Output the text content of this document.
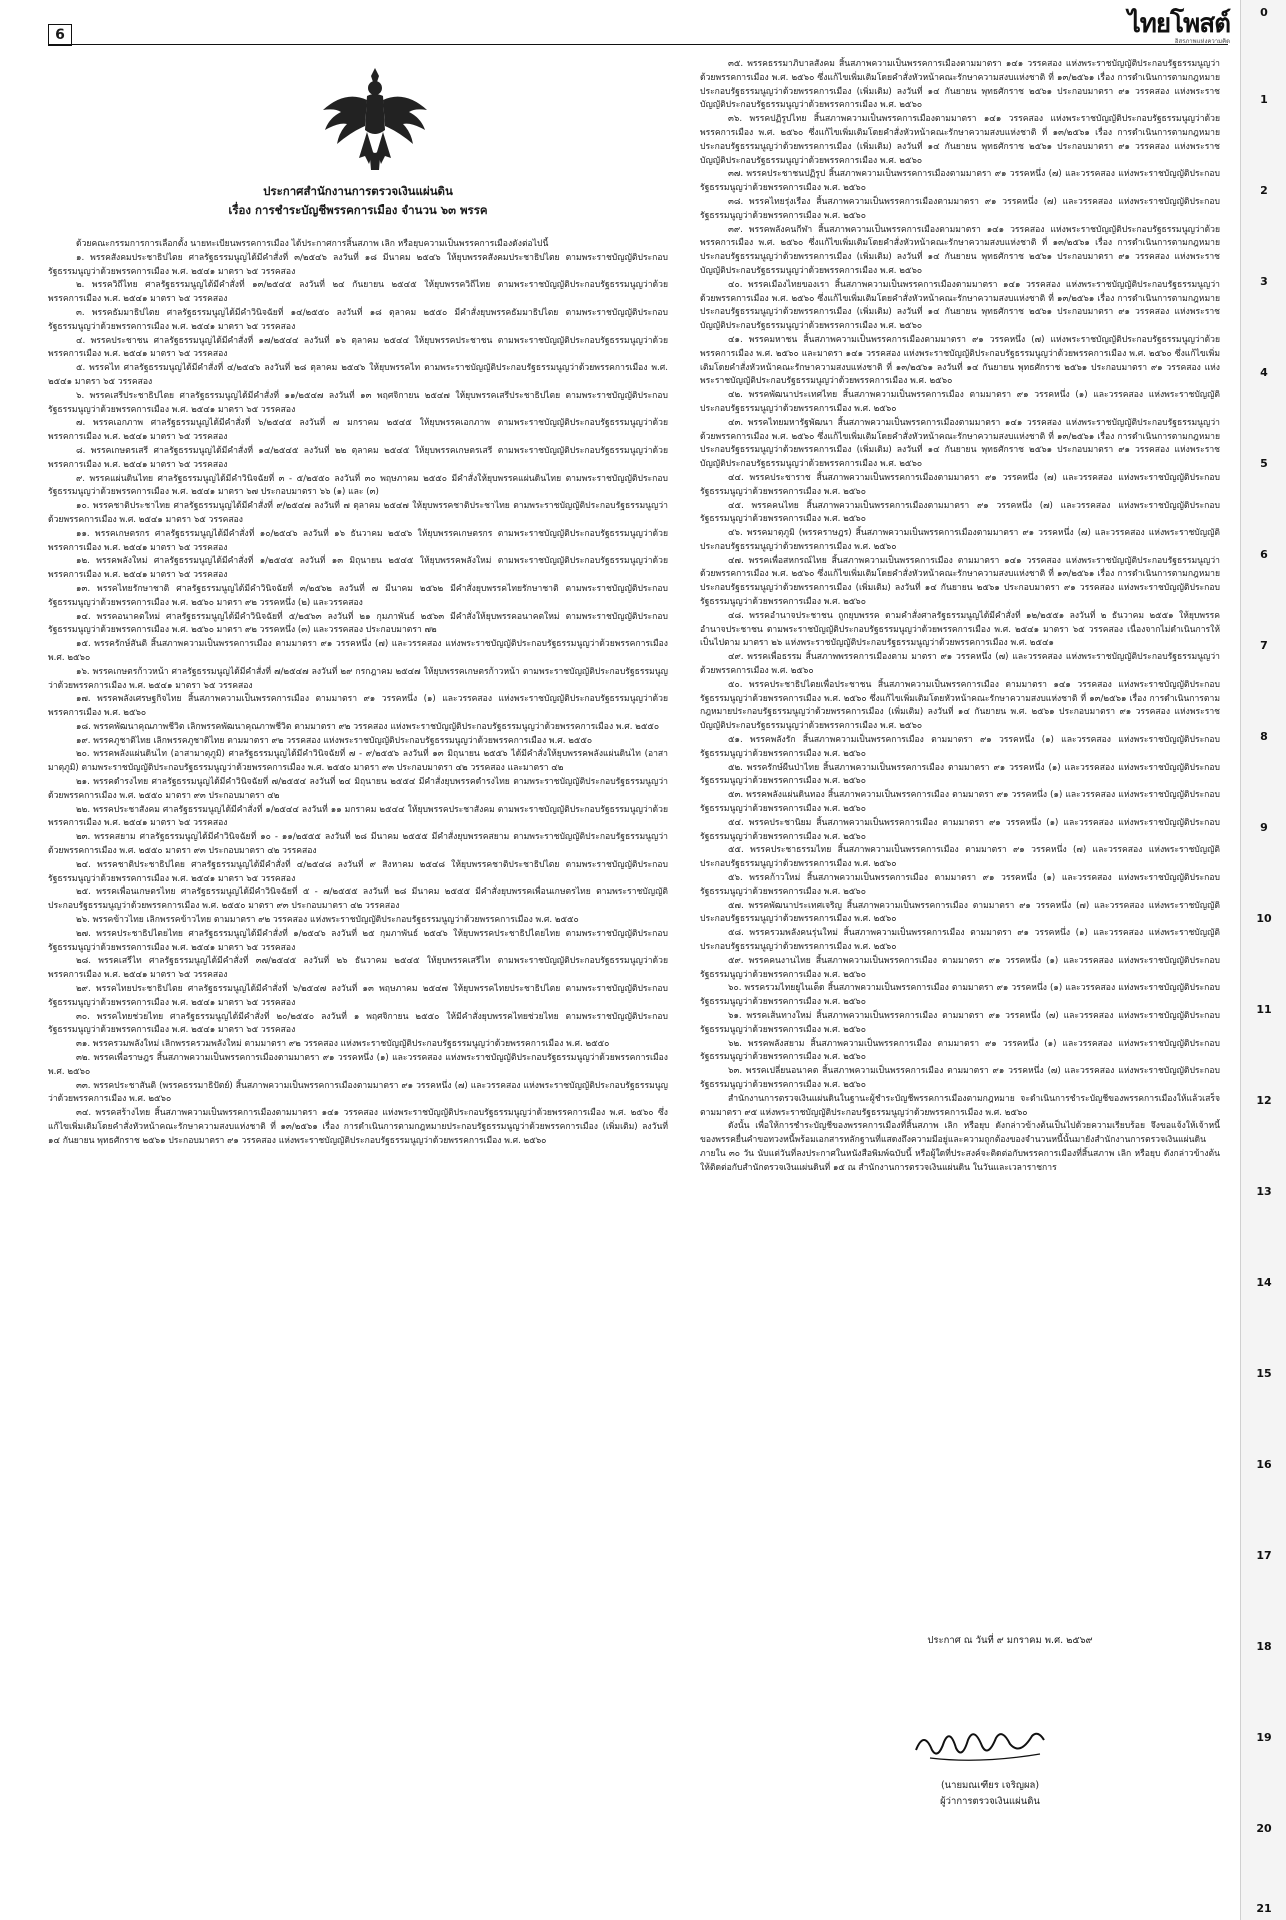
6	ไทยโพสต์
อิสรภาพแห่งความคิด
ประกาศสำนักงานการตรวจเงินแผ่นดิน
เรื่อง การชำระบัญชีพรรคการเมือง จำนวน ๖๓ พรรค

ด้วยคณะกรรมการการเลือกตั้ง นายทะเบียนพรรคการเมือง ได้ประกาศการสิ้นสภาพ เลิก หรือยุบความเป็นพรรคการเมืองดังต่อไปนี้

๑. พรรคสังคมประชาธิปไตย ศาลรัฐธรรมนูญได้มีคำสั่งที่ ๓/๒๕๔๖ ลงวันที่ ๑๘ มีนาคม ๒๕๔๖ ให้ยุบพรรคสังคมประชาธิปไตย ตามพระราชบัญญัติประกอบรัฐธรรมนูญว่าด้วยพรรคการเมือง พ.ศ. ๒๕๔๑ มาตรา ๖๕ วรรคสอง

๒. พรรควิถีไทย ศาลรัฐธรรมนูญได้มีคำสั่งที่ ๑๓/๒๕๔๕ ลงวันที่ ๒๔ กันยายน ๒๕๔๕ ให้ยุบพรรควิถีไทย ตามพระราชบัญญัติประกอบรัฐธรรมนูญว่าด้วยพรรคการเมือง พ.ศ. ๒๕๔๑ มาตรา ๖๕ วรรคสอง

๓. พรรคธัมมาธิปไตย ศาลรัฐธรรมนูญได้มีคำวินิจฉัยที่ ๑๔/๒๕๕๐ ลงวันที่ ๑๘ ตุลาคม ๒๕๕๐ มีคำสั่งยุบพรรคธัมมาธิปไตย ตามพระราชบัญญัติประกอบรัฐธรรมนูญว่าด้วยพรรคการเมือง พ.ศ. ๒๕๔๑ มาตรา ๖๕ วรรคสอง

๔. พรรคประชาชน ศาลรัฐธรรมนูญได้มีคำสั่งที่ ๑๗/๒๕๔๔ ลงวันที่ ๑๖ ตุลาคม ๒๕๔๔ ให้ยุบพรรคประชาชน ตามพระราชบัญญัติประกอบรัฐธรรมนูญว่าด้วยพรรคการเมือง พ.ศ. ๒๕๔๑ มาตรา ๖๕ วรรคสอง

๕. พรรคไท ศาลรัฐธรรมนูญได้มีคำสั่งที่ ๔/๒๕๔๖ ลงวันที่ ๒๘ ตุลาคม ๒๕๔๖ ให้ยุบพรรคไท ตามพระราชบัญญัติประกอบรัฐธรรมนูญว่าด้วยพรรคการเมือง พ.ศ. ๒๕๔๑ มาตรา ๖๕ วรรคสอง

๖. พรรคเสรีประชาธิปไตย ศาลรัฐธรรมนูญได้มีคำสั่งที่ ๑๑/๒๕๔๗ ลงวันที่ ๑๓ พฤศจิกายน ๒๕๔๗ ให้ยุบพรรคเสรีประชาธิปไตย ตามพระราชบัญญัติประกอบรัฐธรรมนูญว่าด้วยพรรคการเมือง พ.ศ. ๒๕๔๑ มาตรา ๖๕ วรรคสอง

๗. พรรคเอกภาพ ศาลรัฐธรรมนูญได้มีคำสั่งที่ ๖/๒๕๔๕ ลงวันที่ ๗ มกราคม ๒๕๔๕ ให้ยุบพรรคเอกภาพ ตามพระราชบัญญัติประกอบรัฐธรรมนูญว่าด้วยพรรคการเมือง พ.ศ. ๒๕๔๑ มาตรา ๖๕ วรรคสอง

๘. พรรคเกษตรเสรี ศาลรัฐธรรมนูญได้มีคำสั่งที่ ๑๔/๒๕๔๕ ลงวันที่ ๒๒ ตุลาคม ๒๕๔๕ ให้ยุบพรรคเกษตรเสรี ตามพระราชบัญญัติประกอบรัฐธรรมนูญว่าด้วยพรรคการเมือง พ.ศ. ๒๕๔๑ มาตรา ๖๕ วรรคสอง

๙. พรรคแผ่นดินไทย ศาลรัฐธรรมนูญได้มีคำวินิจฉัยที่ ๓ - ๕/๒๕๕๐ ลงวันที่ ๓๐ พฤษภาคม ๒๕๕๐ มีคำสั่งให้ยุบพรรคแผ่นดินไทย ตามพระราชบัญญัติประกอบรัฐธรรมนูญว่าด้วยพรรคการเมือง พ.ศ. ๒๕๔๑ มาตรา ๖๗ ประกอบมาตรา ๖๖ (๑) และ (๓)

๑๐. พรรคชาติประชาไทย ศาลรัฐธรรมนูญได้มีคำสั่งที่ ๙/๒๕๔๗ ลงวันที่ ๗ ตุลาคม ๒๕๔๗ ให้ยุบพรรคชาติประชาไทย ตามพระราชบัญญัติประกอบรัฐธรรมนูญว่าด้วยพรรคการเมือง พ.ศ. ๒๕๔๑ มาตรา ๖๕ วรรคสอง

๑๑. พรรคเกษตรกร ศาลรัฐธรรมนูญได้มีคำสั่งที่ ๑๐/๒๕๔๖ ลงวันที่ ๑๖ ธันวาคม ๒๕๔๖ ให้ยุบพรรคเกษตรกร ตามพระราชบัญญัติประกอบรัฐธรรมนูญว่าด้วยพรรคการเมือง พ.ศ. ๒๕๔๑ มาตรา ๖๕ วรรคสอง

๑๒. พรรคพลังใหม่ ศาลรัฐธรรมนูญได้มีคำสั่งที่ ๑/๒๕๔๕ ลงวันที่ ๑๓ มิถุนายน ๒๕๔๕ ให้ยุบพรรคพลังใหม่ ตามพระราชบัญญัติประกอบรัฐธรรมนูญว่าด้วยพรรคการเมือง พ.ศ. ๒๕๔๑ มาตรา ๖๕ วรรคสอง

๑๓. พรรคไทยรักษาชาติ ศาลรัฐธรรมนูญได้มีคำวินิจฉัยที่ ๓/๒๕๖๒ ลงวันที่ ๗ มีนาคม ๒๕๖๒ มีคำสั่งยุบพรรคไทยรักษาชาติ ตามพระราชบัญญัติประกอบรัฐธรรมนูญว่าด้วยพรรคการเมือง พ.ศ. ๒๕๖๐ มาตรา ๙๒ วรรคหนึ่ง (๒) และวรรคสอง

๑๔. พรรคอนาคตใหม่ ศาลรัฐธรรมนูญได้มีคำวินิจฉัยที่ ๕/๒๕๖๓ ลงวันที่ ๒๑ กุมภาพันธ์ ๒๕๖๓ มีคำสั่งให้ยุบพรรคอนาคตใหม่ ตามพระราชบัญญัติประกอบรัฐธรรมนูญว่าด้วยพรรคการเมือง พ.ศ. ๒๕๖๐ มาตรา ๙๒ วรรคหนึ่ง (๓) และวรรคสอง ประกอบมาตรา ๗๒

๑๕. พรรครักษ์สันติ สิ้นสภาพความเป็นพรรคการเมือง ตามมาตรา ๙๑ วรรคหนึ่ง (๗) และวรรคสอง แห่งพระราชบัญญัติประกอบรัฐธรรมนูญว่าด้วยพรรคการเมือง พ.ศ. ๒๕๖๐

๑๖. พรรคเกษตรก้าวหน้า ศาลรัฐธรรมนูญได้มีคำสั่งที่ ๗/๒๕๔๗ ลงวันที่ ๒๙ กรกฎาคม ๒๕๔๗ ให้ยุบพรรคเกษตรก้าวหน้า ตามพระราชบัญญัติประกอบรัฐธรรมนูญว่าด้วยพรรคการเมือง พ.ศ. ๒๕๔๑ มาตรา ๖๕ วรรคสอง

๑๗. พรรคพลังเศรษฐกิจไทย สิ้นสภาพความเป็นพรรคการเมือง ตามมาตรา ๙๑ วรรคหนึ่ง (๑) และวรรคสอง แห่งพระราชบัญญัติประกอบรัฐธรรมนูญว่าด้วยพรรคการเมือง พ.ศ. ๒๕๖๐

๑๘. พรรคพัฒนาคุณภาพชีวิต เลิกพรรคพัฒนาคุณภาพชีวิต ตามมาตรา ๙๒ วรรคสอง แห่งพระราชบัญญัติประกอบรัฐธรรมนูญว่าด้วยพรรคการเมือง พ.ศ. ๒๕๕๐

๑๙. พรรคภูชาติไทย เลิกพรรคภูชาติไทย ตามมาตรา ๙๒ วรรคสอง แห่งพระราชบัญญัติประกอบรัฐธรรมนูญว่าด้วยพรรคการเมือง พ.ศ. ๒๕๕๐

๒๐. พรรคพลังแผ่นดินไท (อาสามาตุภูมิ) ศาลรัฐธรรมนูญได้มีคำวินิจฉัยที่ ๗ - ๙/๒๕๕๖ ลงวันที่ ๑๓ มิถุนายน ๒๕๕๖ ได้มีคำสั่งให้ยุบพรรคพลังแผ่นดินไท (อาสามาตุภูมิ) ตามพระราชบัญญัติประกอบรัฐธรรมนูญว่าด้วยพรรคการเมือง พ.ศ. ๒๕๕๐ มาตรา ๙๓ ประกอบมาตรา ๔๒ วรรคสอง และมาตรา ๔๒

๒๑. พรรคดำรงไทย ศาลรัฐธรรมนูญได้มีคำวินิจฉัยที่ ๗/๒๕๕๔ ลงวันที่ ๒๔ มิถุนายน ๒๕๕๔ มีคำสั่งยุบพรรคดำรงไทย ตามพระราชบัญญัติประกอบรัฐธรรมนูญว่าด้วยพรรคการเมือง พ.ศ. ๒๕๕๐ มาตรา ๙๓ ประกอบมาตรา ๔๒

๒๒. พรรคประชาสังคม ศาลรัฐธรรมนูญได้มีคำสั่งที่ ๑/๒๕๔๔ ลงวันที่ ๑๑ มกราคม ๒๕๔๔ ให้ยุบพรรคประชาสังคม ตามพระราชบัญญัติประกอบรัฐธรรมนูญว่าด้วยพรรคการเมือง พ.ศ. ๒๕๔๑ มาตรา ๖๕ วรรคสอง

๒๓. พรรคสยาม ศาลรัฐธรรมนูญได้มีคำวินิจฉัยที่ ๑๐ - ๑๑/๒๕๕๕ ลงวันที่ ๒๘ มีนาคม ๒๕๕๕ มีคำสั่งยุบพรรคสยาม ตามพระราชบัญญัติประกอบรัฐธรรมนูญว่าด้วยพรรคการเมือง พ.ศ. ๒๕๕๐ มาตรา ๙๓ ประกอบมาตรา ๔๒ วรรคสอง

๒๔. พรรคชาติประชาธิปไตย ศาลรัฐธรรมนูญได้มีคำสั่งที่ ๔/๒๕๔๘ ลงวันที่ ๙ สิงหาคม ๒๕๔๘ ให้ยุบพรรคชาติประชาธิปไตย ตามพระราชบัญญัติประกอบรัฐธรรมนูญว่าด้วยพรรคการเมือง พ.ศ. ๒๕๔๑ มาตรา ๖๕ วรรคสอง

๒๕. พรรคเพื่อนเกษตรไทย ศาลรัฐธรรมนูญได้มีคำวินิจฉัยที่ ๕ - ๗/๒๕๕๕ ลงวันที่ ๒๘ มีนาคม ๒๕๕๕ มีคำสั่งยุบพรรคเพื่อนเกษตรไทย ตามพระราชบัญญัติประกอบรัฐธรรมนูญว่าด้วยพรรคการเมือง พ.ศ. ๒๕๕๐ มาตรา ๙๓ ประกอบมาตรา ๔๒ วรรคสอง

๒๖. พรรคข้าวไทย เลิกพรรคข้าวไทย ตามมาตรา ๙๒ วรรคสอง แห่งพระราชบัญญัติประกอบรัฐธรรมนูญว่าด้วยพรรคการเมือง พ.ศ. ๒๕๕๐

๒๗. พรรคประชาธิปไตยไทย ศาลรัฐธรรมนูญได้มีคำสั่งที่ ๑/๒๕๔๖ ลงวันที่ ๒๕ กุมภาพันธ์ ๒๕๔๖ ให้ยุบพรรคประชาธิปไตยไทย ตามพระราชบัญญัติประกอบรัฐธรรมนูญว่าด้วยพรรคการเมือง พ.ศ. ๒๕๔๑ มาตรา ๖๕ วรรคสอง

๒๘. พรรคเสรีไท ศาลรัฐธรรมนูญได้มีคำสั่งที่ ๓๗/๒๕๔๕ ลงวันที่ ๒๖ ธันวาคม ๒๕๔๕ ให้ยุบพรรคเสรีไท ตามพระราชบัญญัติประกอบรัฐธรรมนูญว่าด้วยพรรคการเมือง พ.ศ. ๒๕๔๑ มาตรา ๖๕ วรรคสอง

๒๙. พรรคไทยประชาธิปไตย ศาลรัฐธรรมนูญได้มีคำสั่งที่ ๖/๒๕๔๗ ลงวันที่ ๑๓ พฤษภาคม ๒๕๔๗ ให้ยุบพรรคไทยประชาธิปไตย ตามพระราชบัญญัติประกอบรัฐธรรมนูญว่าด้วยพรรคการเมือง พ.ศ. ๒๕๔๑ มาตรา ๖๕ วรรคสอง

๓๐. พรรคไทยช่วยไทย ศาลรัฐธรรมนูญได้มีคำสั่งที่ ๒๐/๒๕๕๐ ลงวันที่ ๑ พฤศจิกายน ๒๕๕๐ ให้มีคำสั่งยุบพรรคไทยช่วยไทย ตามพระราชบัญญัติประกอบรัฐธรรมนูญว่าด้วยพรรคการเมือง พ.ศ. ๒๕๔๑ มาตรา ๖๕ วรรคสอง

๓๑. พรรครวมพลังใหม่ เลิกพรรครวมพลังใหม่ ตามมาตรา ๙๒ วรรคสอง แห่งพระราชบัญญัติประกอบรัฐธรรมนูญว่าด้วยพรรคการเมือง พ.ศ. ๒๕๕๐

๓๒. พรรคเพื่อราษฎร สิ้นสภาพความเป็นพรรคการเมืองตามมาตรา ๙๑ วรรคหนึ่ง (๑) และวรรคสอง แห่งพระราชบัญญัติประกอบรัฐธรรมนูญว่าด้วยพรรคการเมือง พ.ศ. ๒๕๖๐

๓๓. พรรคประชาสันติ (พรรคธรรมาธิปัตย์) สิ้นสภาพความเป็นพรรคการเมืองตามมาตรา ๙๑ วรรคหนึ่ง (๗) และวรรคสอง แห่งพระราชบัญญัติประกอบรัฐธรรมนูญว่าด้วยพรรคการเมือง พ.ศ. ๒๕๖๐

๓๔. พรรคสร้างไทย สิ้นสภาพความเป็นพรรคการเมืองตามมาตรา ๑๔๑ วรรคสอง แห่งพระราชบัญญัติประกอบรัฐธรรมนูญว่าด้วยพรรคการเมือง พ.ศ. ๒๕๖๐ ซึ่งแก้ไขเพิ่มเติมโดยคำสั่งหัวหน้าคณะรักษาความสงบแห่งชาติ ที่ ๑๓/๒๕๖๑ เรื่อง การดำเนินการตามกฎหมายประกอบรัฐธรรมนูญว่าด้วยพรรคการเมือง (เพิ่มเติม) ลงวันที่ ๑๔ กันยายน พุทธศักราช ๒๕๖๑ ประกอบมาตรา ๙๑ วรรคสอง แห่งพระราชบัญญัติประกอบรัฐธรรมนูญว่าด้วยพรรคการเมือง พ.ศ. ๒๕๖๐

๓๕. พรรคธรรมาภิบาลสังคม สิ้นสภาพความเป็นพรรคการเมืองตามมาตรา ๑๔๑ วรรคสอง แห่งพระราชบัญญัติประกอบรัฐธรรมนูญว่าด้วยพรรคการเมือง พ.ศ. ๒๕๖๐ ซึ่งแก้ไขเพิ่มเติมโดยคำสั่งหัวหน้าคณะรักษาความสงบแห่งชาติ ที่ ๑๓/๒๕๖๑ เรื่อง การดำเนินการตามกฎหมายประกอบรัฐธรรมนูญว่าด้วยพรรคการเมือง (เพิ่มเติม) ลงวันที่ ๑๔ กันยายน พุทธศักราช ๒๕๖๑ ประกอบมาตรา ๙๑ วรรคสอง แห่งพระราชบัญญัติประกอบรัฐธรรมนูญว่าด้วยพรรคการเมือง พ.ศ. ๒๕๖๐

๓๖. พรรคปฏิรูปไทย สิ้นสภาพความเป็นพรรคการเมืองตามมาตรา ๑๔๑ วรรคสอง แห่งพระราชบัญญัติประกอบรัฐธรรมนูญว่าด้วยพรรคการเมือง พ.ศ. ๒๕๖๐ ซึ่งแก้ไขเพิ่มเติมโดยคำสั่งหัวหน้าคณะรักษาความสงบแห่งชาติ ที่ ๑๓/๒๕๖๑ เรื่อง การดำเนินการตามกฎหมายประกอบรัฐธรรมนูญว่าด้วยพรรคการเมือง (เพิ่มเติม) ลงวันที่ ๑๔ กันยายน พุทธศักราช ๒๕๖๑ ประกอบมาตรา ๙๑ วรรคสอง แห่งพระราชบัญญัติประกอบรัฐธรรมนูญว่าด้วยพรรคการเมือง พ.ศ. ๒๕๖๐

๓๗. พรรคประชาชนปฏิรูป สิ้นสภาพความเป็นพรรคการเมืองตามมาตรา ๙๑ วรรคหนึ่ง (๗) และวรรคสอง แห่งพระราชบัญญัติประกอบรัฐธรรมนูญว่าด้วยพรรคการเมือง พ.ศ. ๒๕๖๐

๓๘. พรรคไทยรุ่งเรือง สิ้นสภาพความเป็นพรรคการเมืองตามมาตรา ๙๑ วรรคหนึ่ง (๗) และวรรคสอง แห่งพระราชบัญญัติประกอบรัฐธรรมนูญว่าด้วยพรรคการเมือง พ.ศ. ๒๕๖๐

๓๙. พรรคพลังคนกีฬา สิ้นสภาพความเป็นพรรคการเมืองตามมาตรา ๑๔๑ วรรคสอง แห่งพระราชบัญญัติประกอบรัฐธรรมนูญว่าด้วยพรรคการเมือง พ.ศ. ๒๕๖๐ ซึ่งแก้ไขเพิ่มเติมโดยคำสั่งหัวหน้าคณะรักษาความสงบแห่งชาติ ที่ ๑๓/๒๕๖๑ เรื่อง การดำเนินการตามกฎหมายประกอบรัฐธรรมนูญว่าด้วยพรรคการเมือง (เพิ่มเติม) ลงวันที่ ๑๔ กันยายน พุทธศักราช ๒๕๖๑ ประกอบมาตรา ๙๑ วรรคสอง แห่งพระราชบัญญัติประกอบรัฐธรรมนูญว่าด้วยพรรคการเมือง พ.ศ. ๒๕๖๐

๔๐. พรรคเมืองไทยของเรา สิ้นสภาพความเป็นพรรคการเมืองตามมาตรา ๑๔๑ วรรคสอง แห่งพระราชบัญญัติประกอบรัฐธรรมนูญว่าด้วยพรรคการเมือง พ.ศ. ๒๕๖๐ ซึ่งแก้ไขเพิ่มเติมโดยคำสั่งหัวหน้าคณะรักษาความสงบแห่งชาติ ที่ ๑๓/๒๕๖๑ เรื่อง การดำเนินการตามกฎหมายประกอบรัฐธรรมนูญว่าด้วยพรรคการเมือง (เพิ่มเติม) ลงวันที่ ๑๔ กันยายน พุทธศักราช ๒๕๖๑ ประกอบมาตรา ๙๑ วรรคสอง แห่งพระราชบัญญัติประกอบรัฐธรรมนูญว่าด้วยพรรคการเมือง พ.ศ. ๒๕๖๐

๔๑. พรรคมหาชน สิ้นสภาพความเป็นพรรคการเมืองตามมาตรา ๙๑ วรรคหนึ่ง (๗) แห่งพระราชบัญญัติประกอบรัฐธรรมนูญว่าด้วยพรรคการเมือง พ.ศ. ๒๕๖๐ และมาตรา ๑๔๑ วรรคสอง แห่งพระราชบัญญัติประกอบรัฐธรรมนูญว่าด้วยพรรคการเมือง พ.ศ. ๒๕๖๐ ซึ่งแก้ไขเพิ่มเติมโดยคำสั่งหัวหน้าคณะรักษาความสงบแห่งชาติ ที่ ๑๓/๒๕๖๑ ลงวันที่ ๑๔ กันยายน พุทธศักราช ๒๕๖๑ ประกอบมาตรา ๙๑ วรรคสอง แห่งพระราชบัญญัติประกอบรัฐธรรมนูญว่าด้วยพรรคการเมือง พ.ศ. ๒๕๖๐

๔๒. พรรคพัฒนาประเทศไทย สิ้นสภาพความเป็นพรรคการเมือง ตามมาตรา ๙๑ วรรคหนึ่ง (๑) และวรรคสอง แห่งพระราชบัญญัติประกอบรัฐธรรมนูญว่าด้วยพรรคการเมือง พ.ศ. ๒๕๖๐

๔๓. พรรคไทยมหารัฐพัฒนา สิ้นสภาพความเป็นพรรคการเมืองตามมาตรา ๑๔๑ วรรคสอง แห่งพระราชบัญญัติประกอบรัฐธรรมนูญว่าด้วยพรรคการเมือง พ.ศ. ๒๕๖๐ ซึ่งแก้ไขเพิ่มเติมโดยคำสั่งหัวหน้าคณะรักษาความสงบแห่งชาติ ที่ ๑๓/๒๕๖๑ เรื่อง การดำเนินการตามกฎหมายประกอบรัฐธรรมนูญว่าด้วยพรรคการเมือง (เพิ่มเติม) ลงวันที่ ๑๔ กันยายน พุทธศักราช ๒๕๖๑ ประกอบมาตรา ๙๑ วรรคสอง แห่งพระราชบัญญัติประกอบรัฐธรรมนูญว่าด้วยพรรคการเมือง พ.ศ. ๒๕๖๐

๔๔. พรรคประชาราช สิ้นสภาพความเป็นพรรคการเมืองตามมาตรา ๙๑ วรรคหนึ่ง (๗) และวรรคสอง แห่งพระราชบัญญัติประกอบรัฐธรรมนูญว่าด้วยพรรคการเมือง พ.ศ. ๒๕๖๐

๔๕. พรรคคนไทย สิ้นสภาพความเป็นพรรคการเมืองตามมาตรา ๙๑ วรรคหนึ่ง (๗) และวรรคสอง แห่งพระราชบัญญัติประกอบรัฐธรรมนูญว่าด้วยพรรคการเมือง พ.ศ. ๒๕๖๐

๔๖. พรรคมาตุภูมิ (พรรคราษฎร) สิ้นสภาพความเป็นพรรคการเมืองตามมาตรา ๙๑ วรรคหนึ่ง (๗) และวรรคสอง แห่งพระราชบัญญัติประกอบรัฐธรรมนูญว่าด้วยพรรคการเมือง พ.ศ. ๒๕๖๐

๔๗. พรรคเพื่อสหกรณ์ไทย สิ้นสภาพความเป็นพรรคการเมือง ตามมาตรา ๑๔๑ วรรคสอง แห่งพระราชบัญญัติประกอบรัฐธรรมนูญว่าด้วยพรรคการเมือง พ.ศ. ๒๕๖๐ ซึ่งแก้ไขเพิ่มเติมโดยคำสั่งหัวหน้าคณะรักษาความสงบแห่งชาติ ที่ ๑๓/๒๕๖๑ เรื่อง การดำเนินการตามกฎหมายประกอบรัฐธรรมนูญว่าด้วยพรรคการเมือง (เพิ่มเติม) ลงวันที่ ๑๔ กันยายน ๒๕๖๑ ประกอบมาตรา ๙๑ วรรคสอง แห่งพระราชบัญญัติประกอบรัฐธรรมนูญว่าด้วยพรรคการเมือง พ.ศ. ๒๕๖๐

๔๘. พรรคอำนาจประชาชน ถูกยุบพรรค ตามคำสั่งศาลรัฐธรรมนูญได้มีคำสั่งที่ ๑๒/๒๕๕๑ ลงวันที่ ๒ ธันวาคม ๒๕๕๑ ให้ยุบพรรคอำนาจประชาชน ตามพระราชบัญญัติประกอบรัฐธรรมนูญว่าด้วยพรรคการเมือง พ.ศ. ๒๕๔๑ มาตรา ๖๕ วรรคสอง เนื่องจากไม่ดำเนินการให้เป็นไปตาม มาตรา ๒๖ แห่งพระราชบัญญัติประกอบรัฐธรรมนูญว่าด้วยพรรคการเมือง พ.ศ. ๒๕๔๑

๔๙. พรรคเพื่อธรรม สิ้นสภาพพรรคการเมืองตาม มาตรา ๙๑ วรรคหนึ่ง (๗) และวรรคสอง แห่งพระราชบัญญัติประกอบรัฐธรรมนูญว่าด้วยพรรคการเมือง พ.ศ. ๒๕๖๐

๕๐. พรรคประชาธิปไตยเพื่อประชาชน สิ้นสภาพความเป็นพรรคการเมือง ตามมาตรา ๑๔๑ วรรคสอง แห่งพระราชบัญญัติประกอบรัฐธรรมนูญว่าด้วยพรรคการเมือง พ.ศ. ๒๕๖๐ ซึ่งแก้ไขเพิ่มเติมโดยหัวหน้าคณะรักษาความสงบแห่งชาติ ที่ ๑๓/๒๕๖๑ เรื่อง การดำเนินการตามกฎหมายประกอบรัฐธรรมนูญว่าด้วยพรรคการเมือง (เพิ่มเติม) ลงวันที่ ๑๔ กันยายน พ.ศ. ๒๕๖๑ ประกอบมาตรา ๙๑ วรรคสอง แห่งพระราชบัญญัติประกอบรัฐธรรมนูญว่าด้วยพรรคการเมือง พ.ศ. ๒๕๖๐

๕๑. พรรคพลังรัก สิ้นสภาพความเป็นพรรคการเมือง ตามมาตรา ๙๑ วรรคหนึ่ง (๑) และวรรคสอง แห่งพระราชบัญญัติประกอบรัฐธรรมนูญว่าด้วยพรรคการเมือง พ.ศ. ๒๕๖๐

๕๒. พรรครักษ์ผืนป่าไทย สิ้นสภาพความเป็นพรรคการเมือง ตามมาตรา ๙๑ วรรคหนึ่ง (๑) และวรรคสอง แห่งพระราชบัญญัติประกอบรัฐธรรมนูญว่าด้วยพรรคการเมือง พ.ศ. ๒๕๖๐

๕๓. พรรคพลังแผ่นดินทอง สิ้นสภาพความเป็นพรรคการเมือง ตามมาตรา ๙๑ วรรคหนึ่ง (๑) และวรรคสอง แห่งพระราชบัญญัติประกอบรัฐธรรมนูญว่าด้วยพรรคการเมือง พ.ศ. ๒๕๖๐

๕๔. พรรคประชานิยม สิ้นสภาพความเป็นพรรคการเมือง ตามมาตรา ๙๑ วรรคหนึ่ง (๑) และวรรคสอง แห่งพระราชบัญญัติประกอบรัฐธรรมนูญว่าด้วยพรรคการเมือง พ.ศ. ๒๕๖๐

๕๕. พรรคประชาธรรมไทย สิ้นสภาพความเป็นพรรคการเมือง ตามมาตรา ๙๑ วรรคหนึ่ง (๗) และวรรคสอง แห่งพระราชบัญญัติประกอบรัฐธรรมนูญว่าด้วยพรรคการเมือง พ.ศ. ๒๕๖๐

๕๖. พรรคก้าวใหม่ สิ้นสภาพความเป็นพรรคการเมือง ตามมาตรา ๙๑ วรรคหนึ่ง (๑) และวรรคสอง แห่งพระราชบัญญัติประกอบรัฐธรรมนูญว่าด้วยพรรคการเมือง พ.ศ. ๒๕๖๐

๕๗. พรรคพัฒนาประเทศเจริญ สิ้นสภาพความเป็นพรรคการเมือง ตามมาตรา ๙๑ วรรคหนึ่ง (๗) และวรรคสอง แห่งพระราชบัญญัติประกอบรัฐธรรมนูญว่าด้วยพรรคการเมือง พ.ศ. ๒๕๖๐

๕๘. พรรครวมพลังคนรุ่นใหม่ สิ้นสภาพความเป็นพรรคการเมือง ตามมาตรา ๙๑ วรรคหนึ่ง (๑) และวรรคสอง แห่งพระราชบัญญัติประกอบรัฐธรรมนูญว่าด้วยพรรคการเมือง พ.ศ. ๒๕๖๐

๕๙. พรรคคนงานไทย สิ้นสภาพความเป็นพรรคการเมือง ตามมาตรา ๙๑ วรรคหนึ่ง (๑) และวรรคสอง แห่งพระราชบัญญัติประกอบรัฐธรรมนูญว่าด้วยพรรคการเมือง พ.ศ. ๒๕๖๐

๖๐. พรรครวมไทยยูไนเต็ด สิ้นสภาพความเป็นพรรคการเมือง ตามมาตรา ๙๑ วรรคหนึ่ง (๑) และวรรคสอง แห่งพระราชบัญญัติประกอบรัฐธรรมนูญว่าด้วยพรรคการเมือง พ.ศ. ๒๕๖๐

๖๑. พรรคเส้นทางใหม่ สิ้นสภาพความเป็นพรรคการเมือง ตามมาตรา ๙๑ วรรคหนึ่ง (๗) และวรรคสอง แห่งพระราชบัญญัติประกอบรัฐธรรมนูญว่าด้วยพรรคการเมือง พ.ศ. ๒๕๖๐

๖๒. พรรคพลังสยาม สิ้นสภาพความเป็นพรรคการเมือง ตามมาตรา ๙๑ วรรคหนึ่ง (๑) และวรรคสอง แห่งพระราชบัญญัติประกอบรัฐธรรมนูญว่าด้วยพรรคการเมือง พ.ศ. ๒๕๖๐

๖๓. พรรคเปลี่ยนอนาคต สิ้นสภาพความเป็นพรรคการเมือง ตามมาตรา ๙๑ วรรคหนึ่ง (๗) และวรรคสอง แห่งพระราชบัญญัติประกอบรัฐธรรมนูญว่าด้วยพรรคการเมือง พ.ศ. ๒๕๖๐

สำนักงานการตรวจเงินแผ่นดินในฐานะผู้ชำระบัญชีพรรคการเมืองตามกฎหมาย จะดำเนินการชำระบัญชีของพรรคการเมืองให้แล้วเสร็จตามมาตรา ๙๕ แห่งพระราชบัญญัติประกอบรัฐธรรมนูญว่าด้วยพรรคการเมือง พ.ศ. ๒๕๖๐

ดังนั้น เพื่อให้การชำระบัญชีของพรรคการเมืองที่สิ้นสภาพ เลิก หรือยุบ ดังกล่าวข้างต้นเป็นไปด้วยความเรียบร้อย จึงขอแจ้งให้เจ้าหนี้ของพรรคยื่นคำขอทวงหนี้พร้อมเอกสารหลักฐานที่แสดงถึงความมีอยู่และความถูกต้องของจำนวนหนี้นั้นมายังสำนักงานการตรวจเงินแผ่นดิน ภายใน ๓๐ วัน นับแต่วันที่ลงประกาศในหนังสือพิมพ์ฉบับนี้ หรือผู้ใดที่ประสงค์จะติดต่อกับพรรคการเมืองที่สิ้นสภาพ เลิก หรือยุบ ดังกล่าวข้างต้นให้ติดต่อกับสำนักตรวจเงินแผ่นดินที่ ๑๕ ณ สำนักงานการตรวจเงินแผ่นดิน ในวันและเวลาราชการ

ประกาศ ณ วันที่ ๙ มกราคม พ.ศ. ๒๕๖๙
(นายมณเฑียร เจริญผล)
ผู้ว่าการตรวจเงินแผ่นดิน
0
1
2
3
4
5
6
7
8
9
10
11
12
13
14
15
16
17
18
19
20
21
